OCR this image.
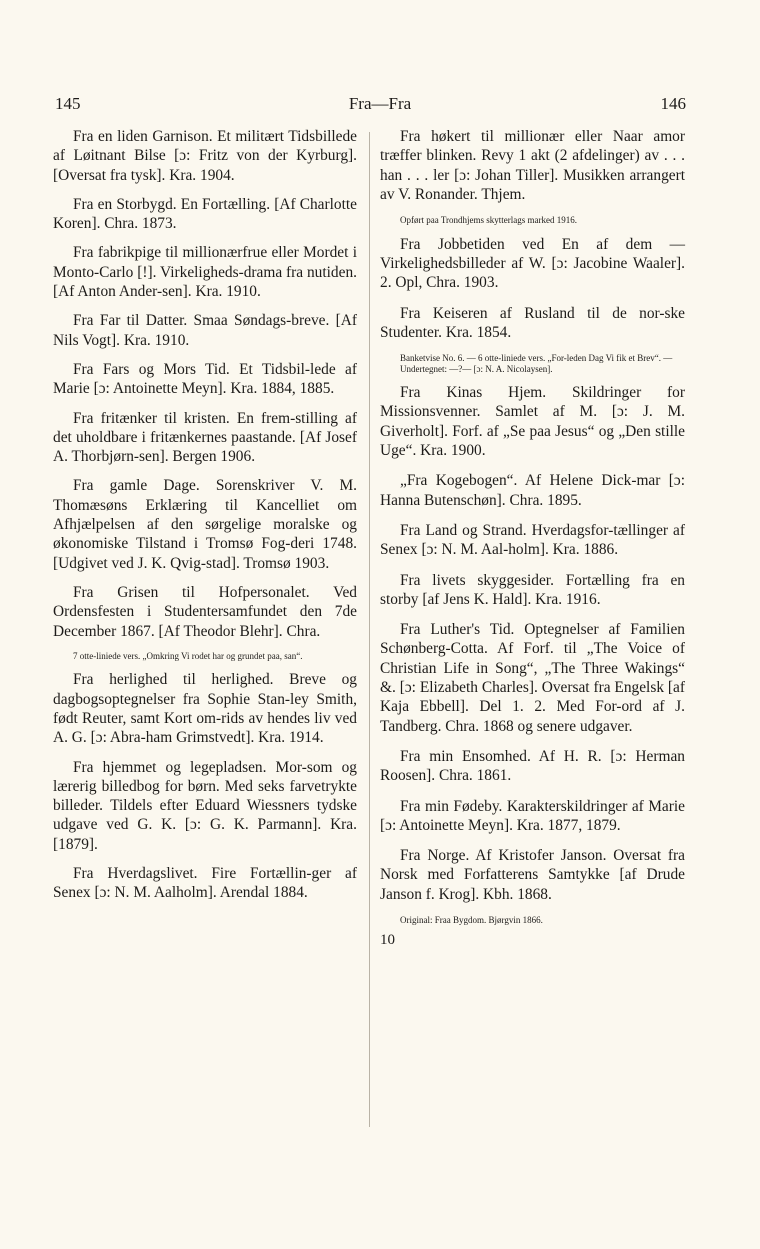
145	Fra—Fra	146

Fra en liden Garnison. Et militært Tidsbillede af Løitnant Bilse [ɔ: Fritz von der Kyrburg]. [Oversat fra tysk]. Kra. 1904.

Fra en Storbygd. En Fortælling. [Af Charlotte Koren]. Chra. 1873.

Fra fabrikpige til millionærfrue eller Mordet i Monto-Carlo [!]. Virkeligheds-drama fra nutiden. [Af Anton Ander-sen]. Kra. 1910.

Fra Far til Datter. Smaa Søndags-breve. [Af Nils Vogt]. Kra. 1910.

Fra Fars og Mors Tid. Et Tidsbil-lede af Marie [ɔ: Antoinette Meyn]. Kra. 1884, 1885.

Fra fritænker til kristen. En frem-stilling af det uholdbare i fritænkernes paastande. [Af Josef A. Thorbjørn-sen]. Bergen 1906.

Fra gamle Dage. Sorenskriver V. M. Thomæsøns Erklæring til Kancelliet om Afhjælpelsen af den sørgelige moralske og økonomiske Tilstand i Tromsø Fog-deri 1748. [Udgivet ved J. K. Qvig-stad]. Tromsø 1903.

Fra Grisen til Hofpersonalet. Ved Ordensfesten i Studentersamfundet den 7de December 1867. [Af Theodor Blehr]. Chra.

7 otte-liniede vers. „Omkring Vi rodet har og grundet paa, san“.

Fra herlighed til herlighed. Breve og dagbogsoptegnelser fra Sophie Stan-ley Smith, født Reuter, samt Kort om-rids av hendes liv ved A. G. [ɔ: Abra-ham Grimstvedt]. Kra. 1914.

Fra hjemmet og legepladsen. Mor-som og lærerig billedbog for børn. Med seks farvetrykte billeder. Tildels efter Eduard Wiessners tydske udgave ved G. K. [ɔ: G. K. Parmann]. Kra. [1879].

Fra Hverdagslivet. Fire Fortællin-ger af Senex [ɔ: N. M. Aalholm]. Arendal 1884.

Fra høkert til millionær eller Naar amor træffer blinken. Revy 1 akt (2 afdelinger) av . . . han . . . ler [ɔ: Johan Tiller]. Musikken arrangert av V. Ronander. Thjem.

Opført paa Trondhjems skytterlags marked 1916.

Fra Jobbetiden ved En af dem — Virkelighedsbilleder af W. [ɔ: Jacobine Waaler]. 2. Opl, Chra. 1903.

Fra Keiseren af Rusland til de nor-ske Studenter. Kra. 1854.

Banketvise No. 6. — 6 otte-liniede vers. „For-leden Dag Vi fik et Brev“. — Undertegnet: —?— [ɔ: N. A. Nicolaysen].

Fra Kinas Hjem. Skildringer for Missionsvenner. Samlet af M. [ɔ: J. M. Giverholt]. Forf. af „Se paa Jesus“ og „Den stille Uge“. Kra. 1900.

„Fra Kogebogen“. Af Helene Dick-mar [ɔ: Hanna Butenschøn]. Chra. 1895.

Fra Land og Strand. Hverdagsfor-tællinger af Senex [ɔ: N. M. Aal-holm]. Kra. 1886.

Fra livets skyggesider. Fortælling fra en storby [af Jens K. Hald]. Kra. 1916.

Fra Luther's Tid. Optegnelser af Familien Schønberg-Cotta. Af Forf. til „The Voice of Christian Life in Song“, „The Three Wakings“ &. [ɔ: Elizabeth Charles]. Oversat fra Engelsk [af Kaja Ebbell]. Del 1. 2. Med For-ord af J. Tandberg. Chra. 1868 og senere udgaver.

Fra min Ensomhed. Af H. R. [ɔ: Herman Roosen]. Chra. 1861.

Fra min Fødeby. Karakterskildringer af Marie [ɔ: Antoinette Meyn]. Kra. 1877, 1879.

Fra Norge. Af Kristofer Janson. Oversat fra Norsk med Forfatterens Samtykke [af Drude Janson f. Krog]. Kbh. 1868.

Original: Fraa Bygdom. Bjørgvin 1866.

10
